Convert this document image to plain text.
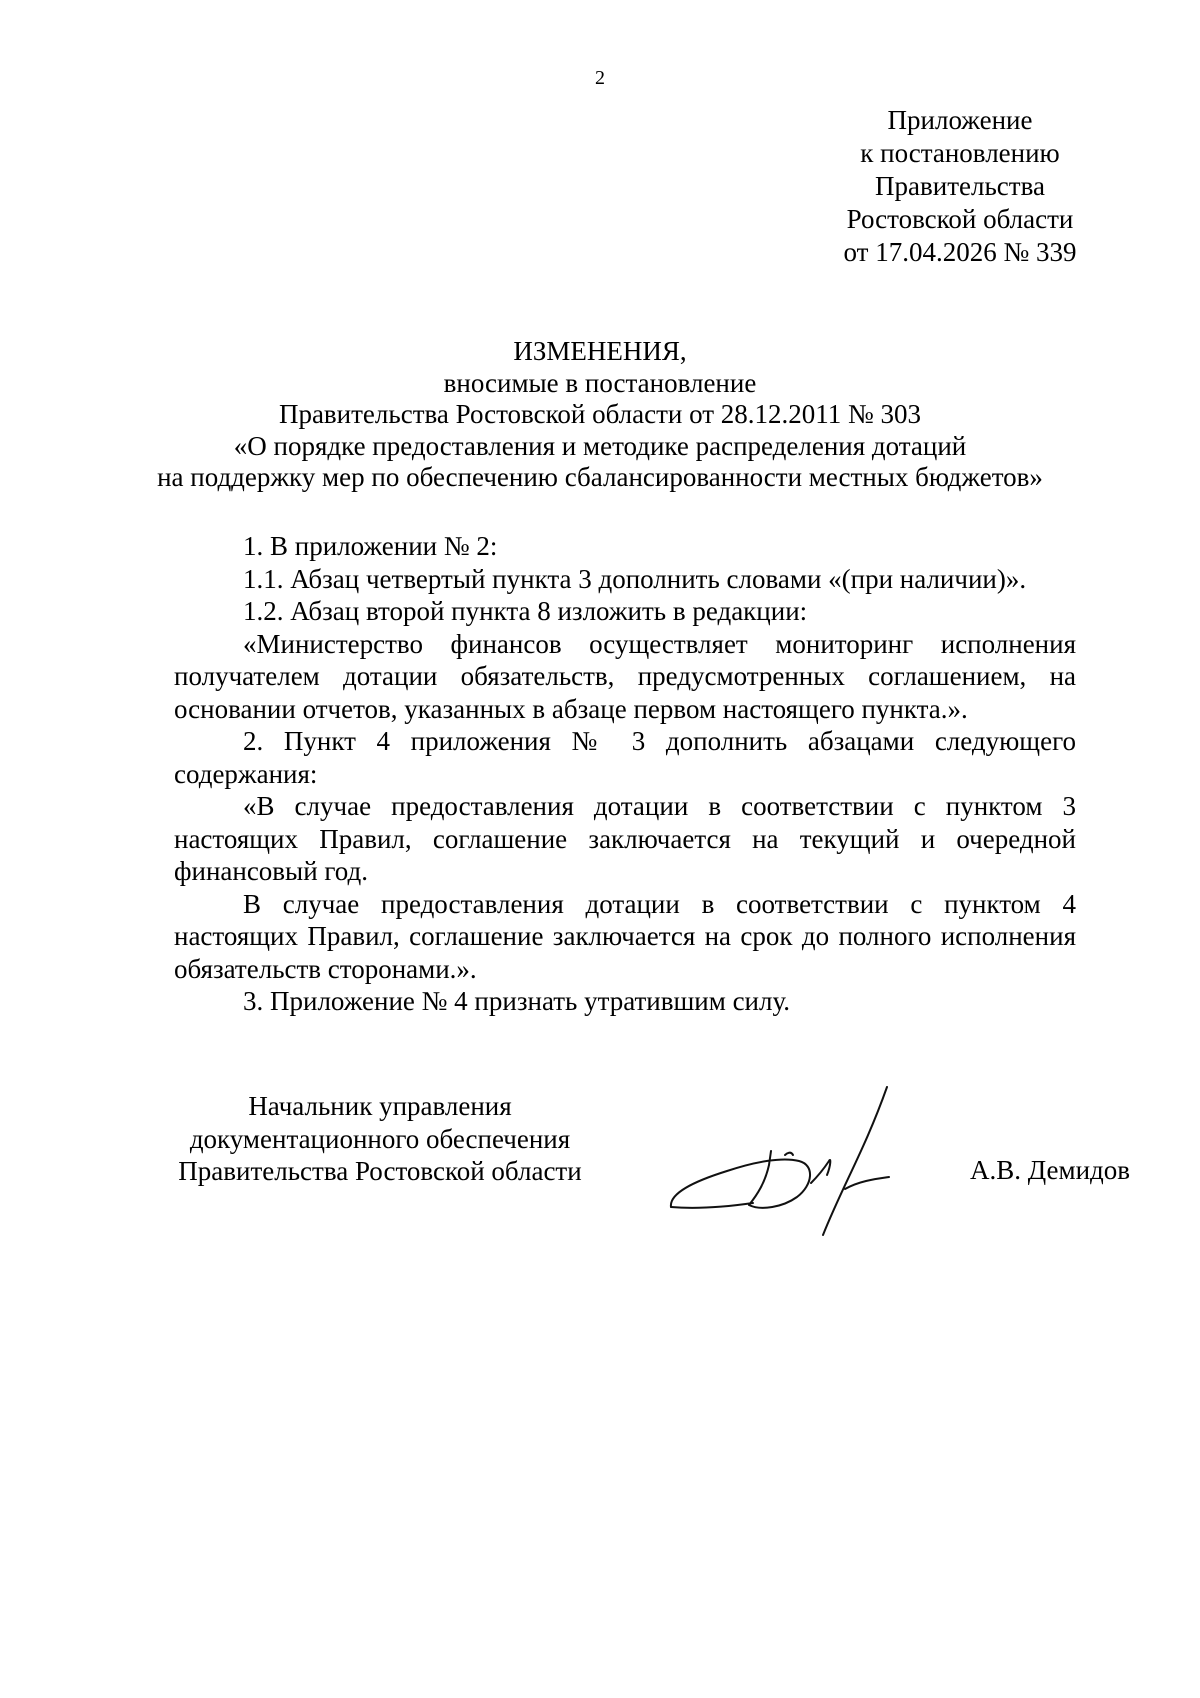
2
Приложение
к постановлению
Правительства
Ростовской области
от 17.04.2026 № 339
ИЗМЕНЕНИЯ,
вносимые в постановление
Правительства Ростовской области от 28.12.2011 № 303
«О порядке предоставления и методике распределения дотаций
на поддержку мер по обеспечению сбалансированности местных бюджетов»

1. В приложении № 2:

1.1. Абзац четвертый пункта 3 дополнить словами «(при наличии)».

1.2. Абзац второй пункта 8 изложить в редакции:

«Министерство финансов осуществляет мониторинг исполнения получателем дотации обязательств, предусмотренных соглашением, на основании отчетов, указанных в абзаце первом настоящего пункта.».

2. Пункт 4 приложения № 3 дополнить абзацами следующего содержания:

«В случае предоставления дотации в соответствии с пунктом 3 настоящих Правил, соглашение заключается на текущий и очередной финансовый год.

В случае предоставления дотации в соответствии с пунктом 4 настоящих Правил, соглашение заключается на срок до полного исполнения обязательств сторонами.».

3. Приложение № 4 признать утратившим силу.

Начальник управления
документационного обеспечения
Правительства Ростовской области	А.В. Демидов
